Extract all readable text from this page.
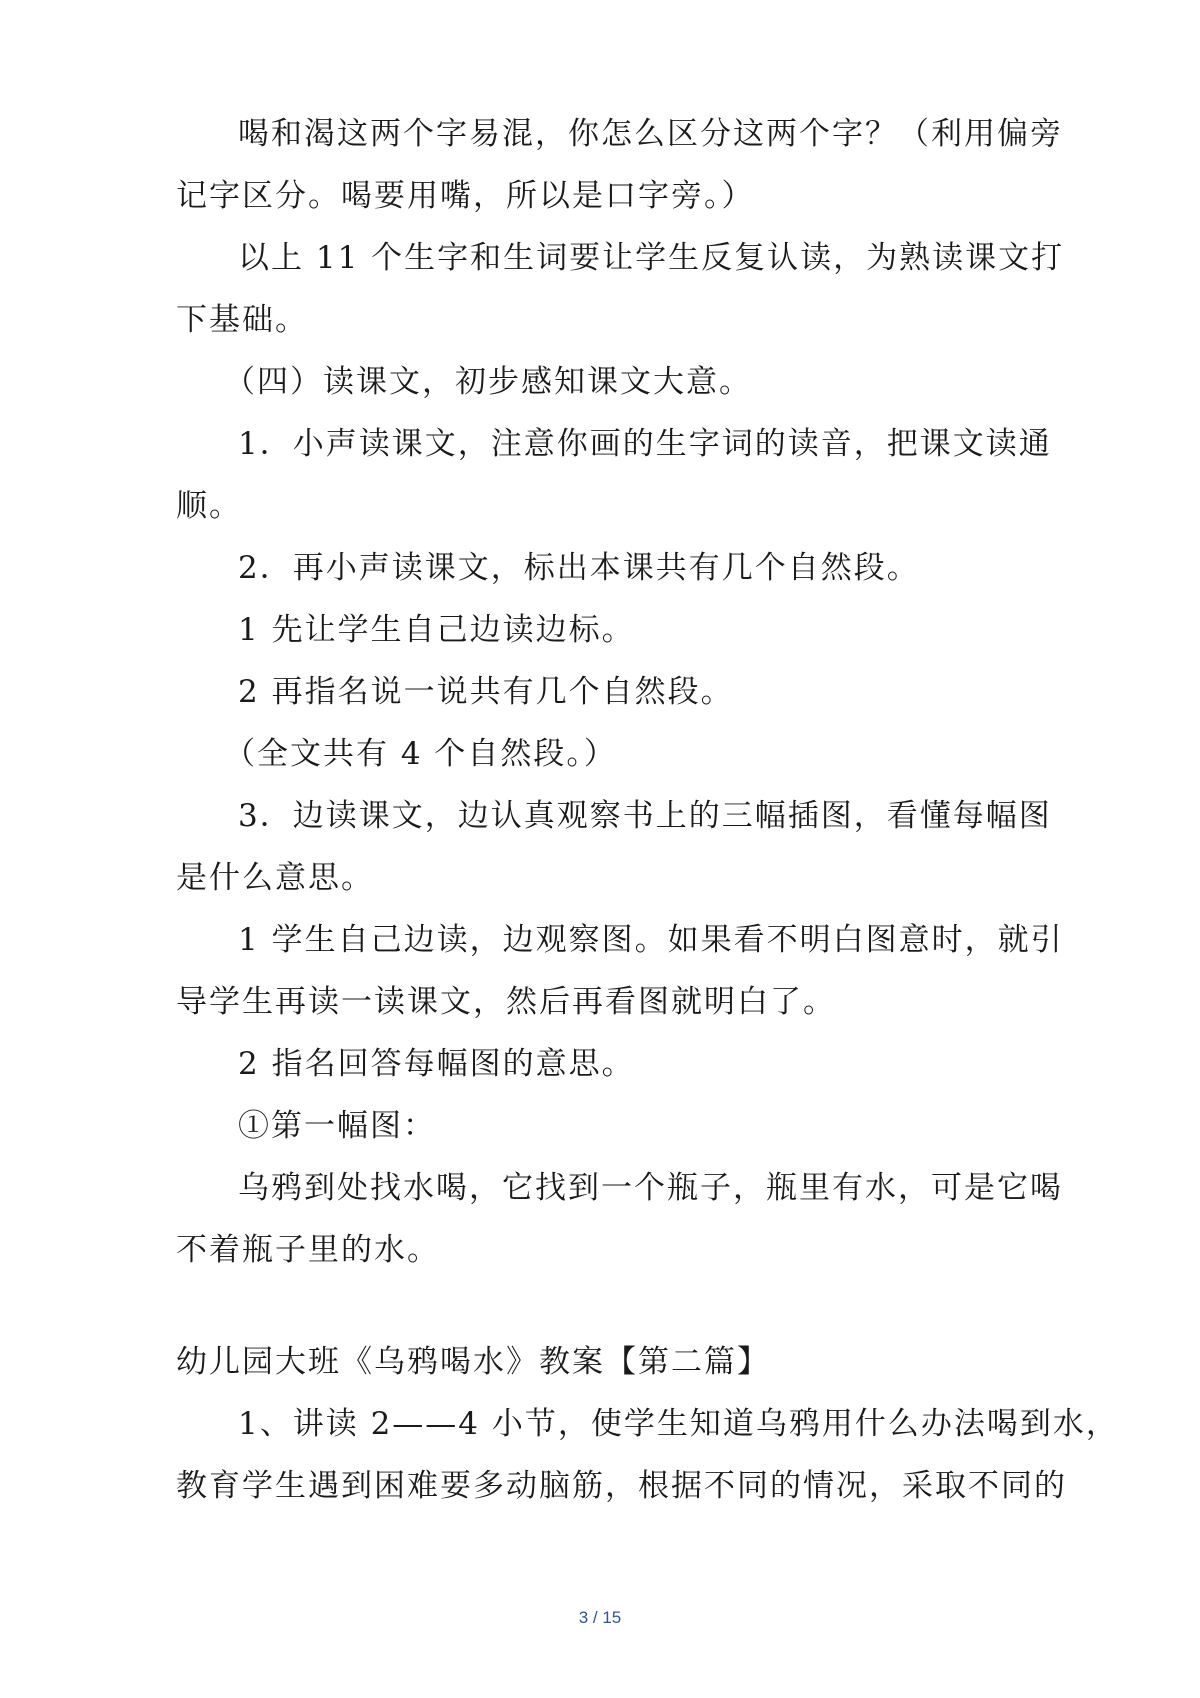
喝和渴这两个字易混，你怎么区分这两个字？（利用偏旁
记字区分。喝要用嘴，所以是口字旁。）
以上 11 个生字和生词要让学生反复认读，为熟读课文打
下基础。
（四）读课文，初步感知课文大意。
1．小声读课文，注意你画的生字词的读音，把课文读通
顺。
2．再小声读课文，标出本课共有几个自然段。
1 先让学生自己边读边标。
2 再指名说一说共有几个自然段。
（全文共有 4 个自然段。）
3．边读课文，边认真观察书上的三幅插图，看懂每幅图
是什么意思。
1 学生自己边读，边观察图。如果看不明白图意时，就引
导学生再读一读课文，然后再看图就明白了。
2 指名回答每幅图的意思。
①第一幅图：
乌鸦到处找水喝，它找到一个瓶子，瓶里有水，可是它喝
不着瓶子里的水。
幼儿园大班《乌鸦喝水》教案【第二篇】
1、讲读 2——4 小节，使学生知道乌鸦用什么办法喝到水，
教育学生遇到困难要多动脑筋，根据不同的情况，采取不同的
3 / 15
